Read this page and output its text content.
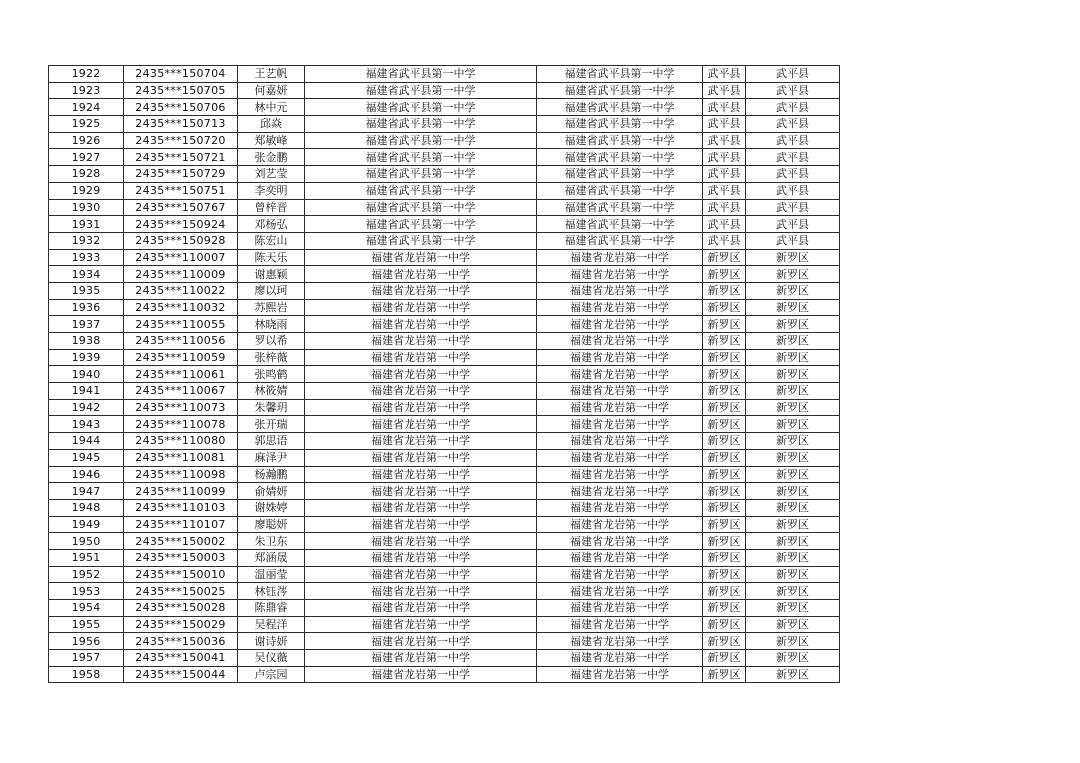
1922	2435***150704	王艺帆	福建省武平县第一中学	福建省武平县第一中学	武平县	武平县
1923	2435***150705	何嘉妍	福建省武平县第一中学	福建省武平县第一中学	武平县	武平县
1924	2435***150706	林中元	福建省武平县第一中学	福建省武平县第一中学	武平县	武平县
1925	2435***150713	邱焱	福建省武平县第一中学	福建省武平县第一中学	武平县	武平县
1926	2435***150720	郑敏峰	福建省武平县第一中学	福建省武平县第一中学	武平县	武平县
1927	2435***150721	张金鹏	福建省武平县第一中学	福建省武平县第一中学	武平县	武平县
1928	2435***150729	刘艺莹	福建省武平县第一中学	福建省武平县第一中学	武平县	武平县
1929	2435***150751	李奕明	福建省武平县第一中学	福建省武平县第一中学	武平县	武平县
1930	2435***150767	曾梓晋	福建省武平县第一中学	福建省武平县第一中学	武平县	武平县
1931	2435***150924	邓杨弘	福建省武平县第一中学	福建省武平县第一中学	武平县	武平县
1932	2435***150928	陈宏山	福建省武平县第一中学	福建省武平县第一中学	武平县	武平县
1933	2435***110007	陈天乐	福建省龙岩第一中学	福建省龙岩第一中学	新罗区	新罗区
1934	2435***110009	谢惠颖	福建省龙岩第一中学	福建省龙岩第一中学	新罗区	新罗区
1935	2435***110022	廖以珂	福建省龙岩第一中学	福建省龙岩第一中学	新罗区	新罗区
1936	2435***110032	苏熙岩	福建省龙岩第一中学	福建省龙岩第一中学	新罗区	新罗区
1937	2435***110055	林晓雨	福建省龙岩第一中学	福建省龙岩第一中学	新罗区	新罗区
1938	2435***110056	罗以希	福建省龙岩第一中学	福建省龙岩第一中学	新罗区	新罗区
1939	2435***110059	张梓薇	福建省龙岩第一中学	福建省龙岩第一中学	新罗区	新罗区
1940	2435***110061	张鸣鹤	福建省龙岩第一中学	福建省龙岩第一中学	新罗区	新罗区
1941	2435***110067	林筱婧	福建省龙岩第一中学	福建省龙岩第一中学	新罗区	新罗区
1942	2435***110073	朱馨玥	福建省龙岩第一中学	福建省龙岩第一中学	新罗区	新罗区
1943	2435***110078	张开瑞	福建省龙岩第一中学	福建省龙岩第一中学	新罗区	新罗区
1944	2435***110080	郭思语	福建省龙岩第一中学	福建省龙岩第一中学	新罗区	新罗区
1945	2435***110081	麻泽尹	福建省龙岩第一中学	福建省龙岩第一中学	新罗区	新罗区
1946	2435***110098	杨瀚鹏	福建省龙岩第一中学	福建省龙岩第一中学	新罗区	新罗区
1947	2435***110099	俞婧妍	福建省龙岩第一中学	福建省龙岩第一中学	新罗区	新罗区
1948	2435***110103	谢姝婷	福建省龙岩第一中学	福建省龙岩第一中学	新罗区	新罗区
1949	2435***110107	廖聪妍	福建省龙岩第一中学	福建省龙岩第一中学	新罗区	新罗区
1950	2435***150002	朱卫东	福建省龙岩第一中学	福建省龙岩第一中学	新罗区	新罗区
1951	2435***150003	郑涵晟	福建省龙岩第一中学	福建省龙岩第一中学	新罗区	新罗区
1952	2435***150010	温丽莹	福建省龙岩第一中学	福建省龙岩第一中学	新罗区	新罗区
1953	2435***150025	林钰涔	福建省龙岩第一中学	福建省龙岩第一中学	新罗区	新罗区
1954	2435***150028	陈鼎睿	福建省龙岩第一中学	福建省龙岩第一中学	新罗区	新罗区
1955	2435***150029	吴程洋	福建省龙岩第一中学	福建省龙岩第一中学	新罗区	新罗区
1956	2435***150036	谢诗妍	福建省龙岩第一中学	福建省龙岩第一中学	新罗区	新罗区
1957	2435***150041	吴仪薇	福建省龙岩第一中学	福建省龙岩第一中学	新罗区	新罗区
1958	2435***150044	卢宗园	福建省龙岩第一中学	福建省龙岩第一中学	新罗区	新罗区
